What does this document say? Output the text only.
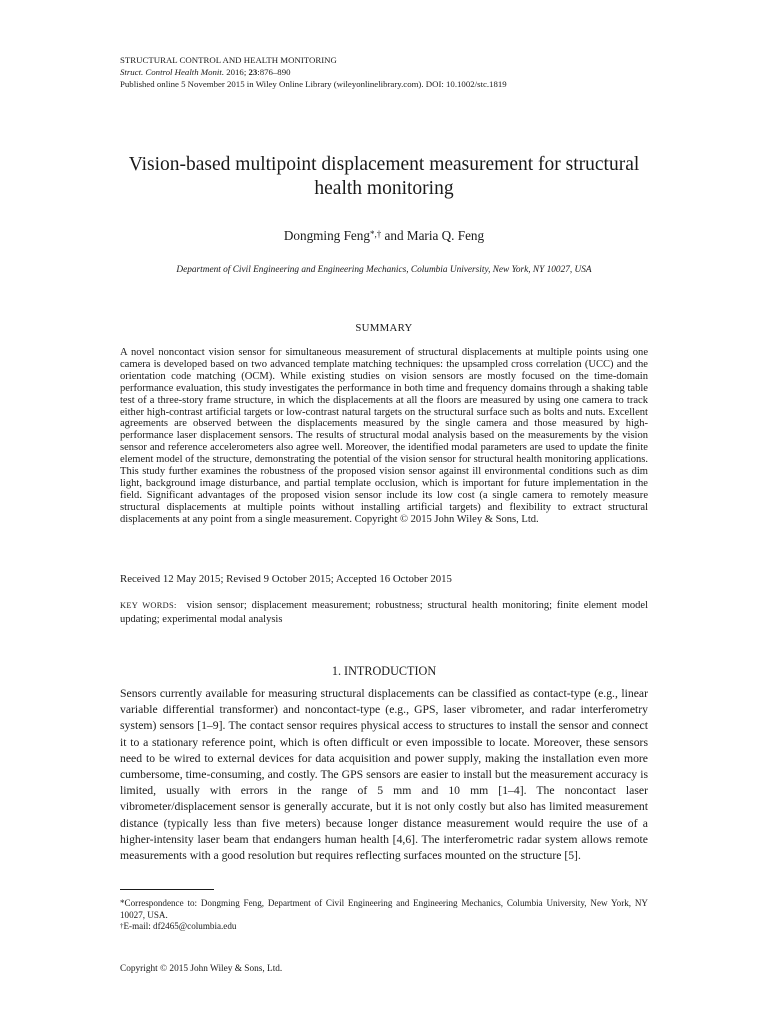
STRUCTURAL CONTROL AND HEALTH MONITORING
Struct. Control Health Monit. 2016; 23:876–890
Published online 5 November 2015 in Wiley Online Library (wileyonlinelibrary.com). DOI: 10.1002/stc.1819
Vision-based multipoint displacement measurement for structural health monitoring
Dongming Feng*,† and Maria Q. Feng
Department of Civil Engineering and Engineering Mechanics, Columbia University, New York, NY 10027, USA
SUMMARY
A novel noncontact vision sensor for simultaneous measurement of structural displacements at multiple points using one camera is developed based on two advanced template matching techniques: the upsampled cross correlation (UCC) and the orientation code matching (OCM). While existing studies on vision sensors are mostly focused on the time-domain performance evaluation, this study investigates the performance in both time and frequency domains through a shaking table test of a three-story frame structure, in which the displacements at all the floors are measured by using one camera to track either high-contrast artificial targets or low-contrast natural targets on the structural surface such as bolts and nuts. Excellent agreements are observed between the displacements measured by the single camera and those measured by high-performance laser displacement sensors. The results of structural modal analysis based on the measurements by the vision sensor and reference accelerometers also agree well. Moreover, the identified modal parameters are used to update the finite element model of the structure, demonstrating the potential of the vision sensor for structural health monitoring applications. This study further examines the robustness of the proposed vision sensor against ill environmental conditions such as dim light, background image disturbance, and partial template occlusion, which is important for future implementation in the field. Significant advantages of the proposed vision sensor include its low cost (a single camera to remotely measure structural displacements at multiple points without installing artificial targets) and flexibility to extract structural displacements at any point from a single measurement. Copyright © 2015 John Wiley & Sons, Ltd.
Received 12 May 2015; Revised 9 October 2015; Accepted 16 October 2015
KEY WORDS: vision sensor; displacement measurement; robustness; structural health monitoring; finite element model updating; experimental modal analysis
1. INTRODUCTION
Sensors currently available for measuring structural displacements can be classified as contact-type (e.g., linear variable differential transformer) and noncontact-type (e.g., GPS, laser vibrometer, and radar interferometry system) sensors [1–9]. The contact sensor requires physical access to structures to install the sensor and connect it to a stationary reference point, which is often difficult or even impossible to locate. Moreover, these sensors need to be wired to external devices for data acquisition and power supply, making the installation even more cumbersome, time-consuming, and costly. The GPS sensors are easier to install but the measurement accuracy is limited, usually with errors in the range of 5 mm and 10 mm [1–4]. The noncontact laser vibrometer/displacement sensor is generally accurate, but it is not only costly but also has limited measurement distance (typically less than five meters) because longer distance measurement would require the use of a higher-intensity laser beam that endangers human health [4,6]. The interferometric radar system allows remote measurements with a good resolution but requires reflecting surfaces mounted on the structure [5].
*Correspondence to: Dongming Feng, Department of Civil Engineering and Engineering Mechanics, Columbia University, New York, NY 10027, USA.
†E-mail: df2465@columbia.edu
Copyright © 2015 John Wiley & Sons, Ltd.
